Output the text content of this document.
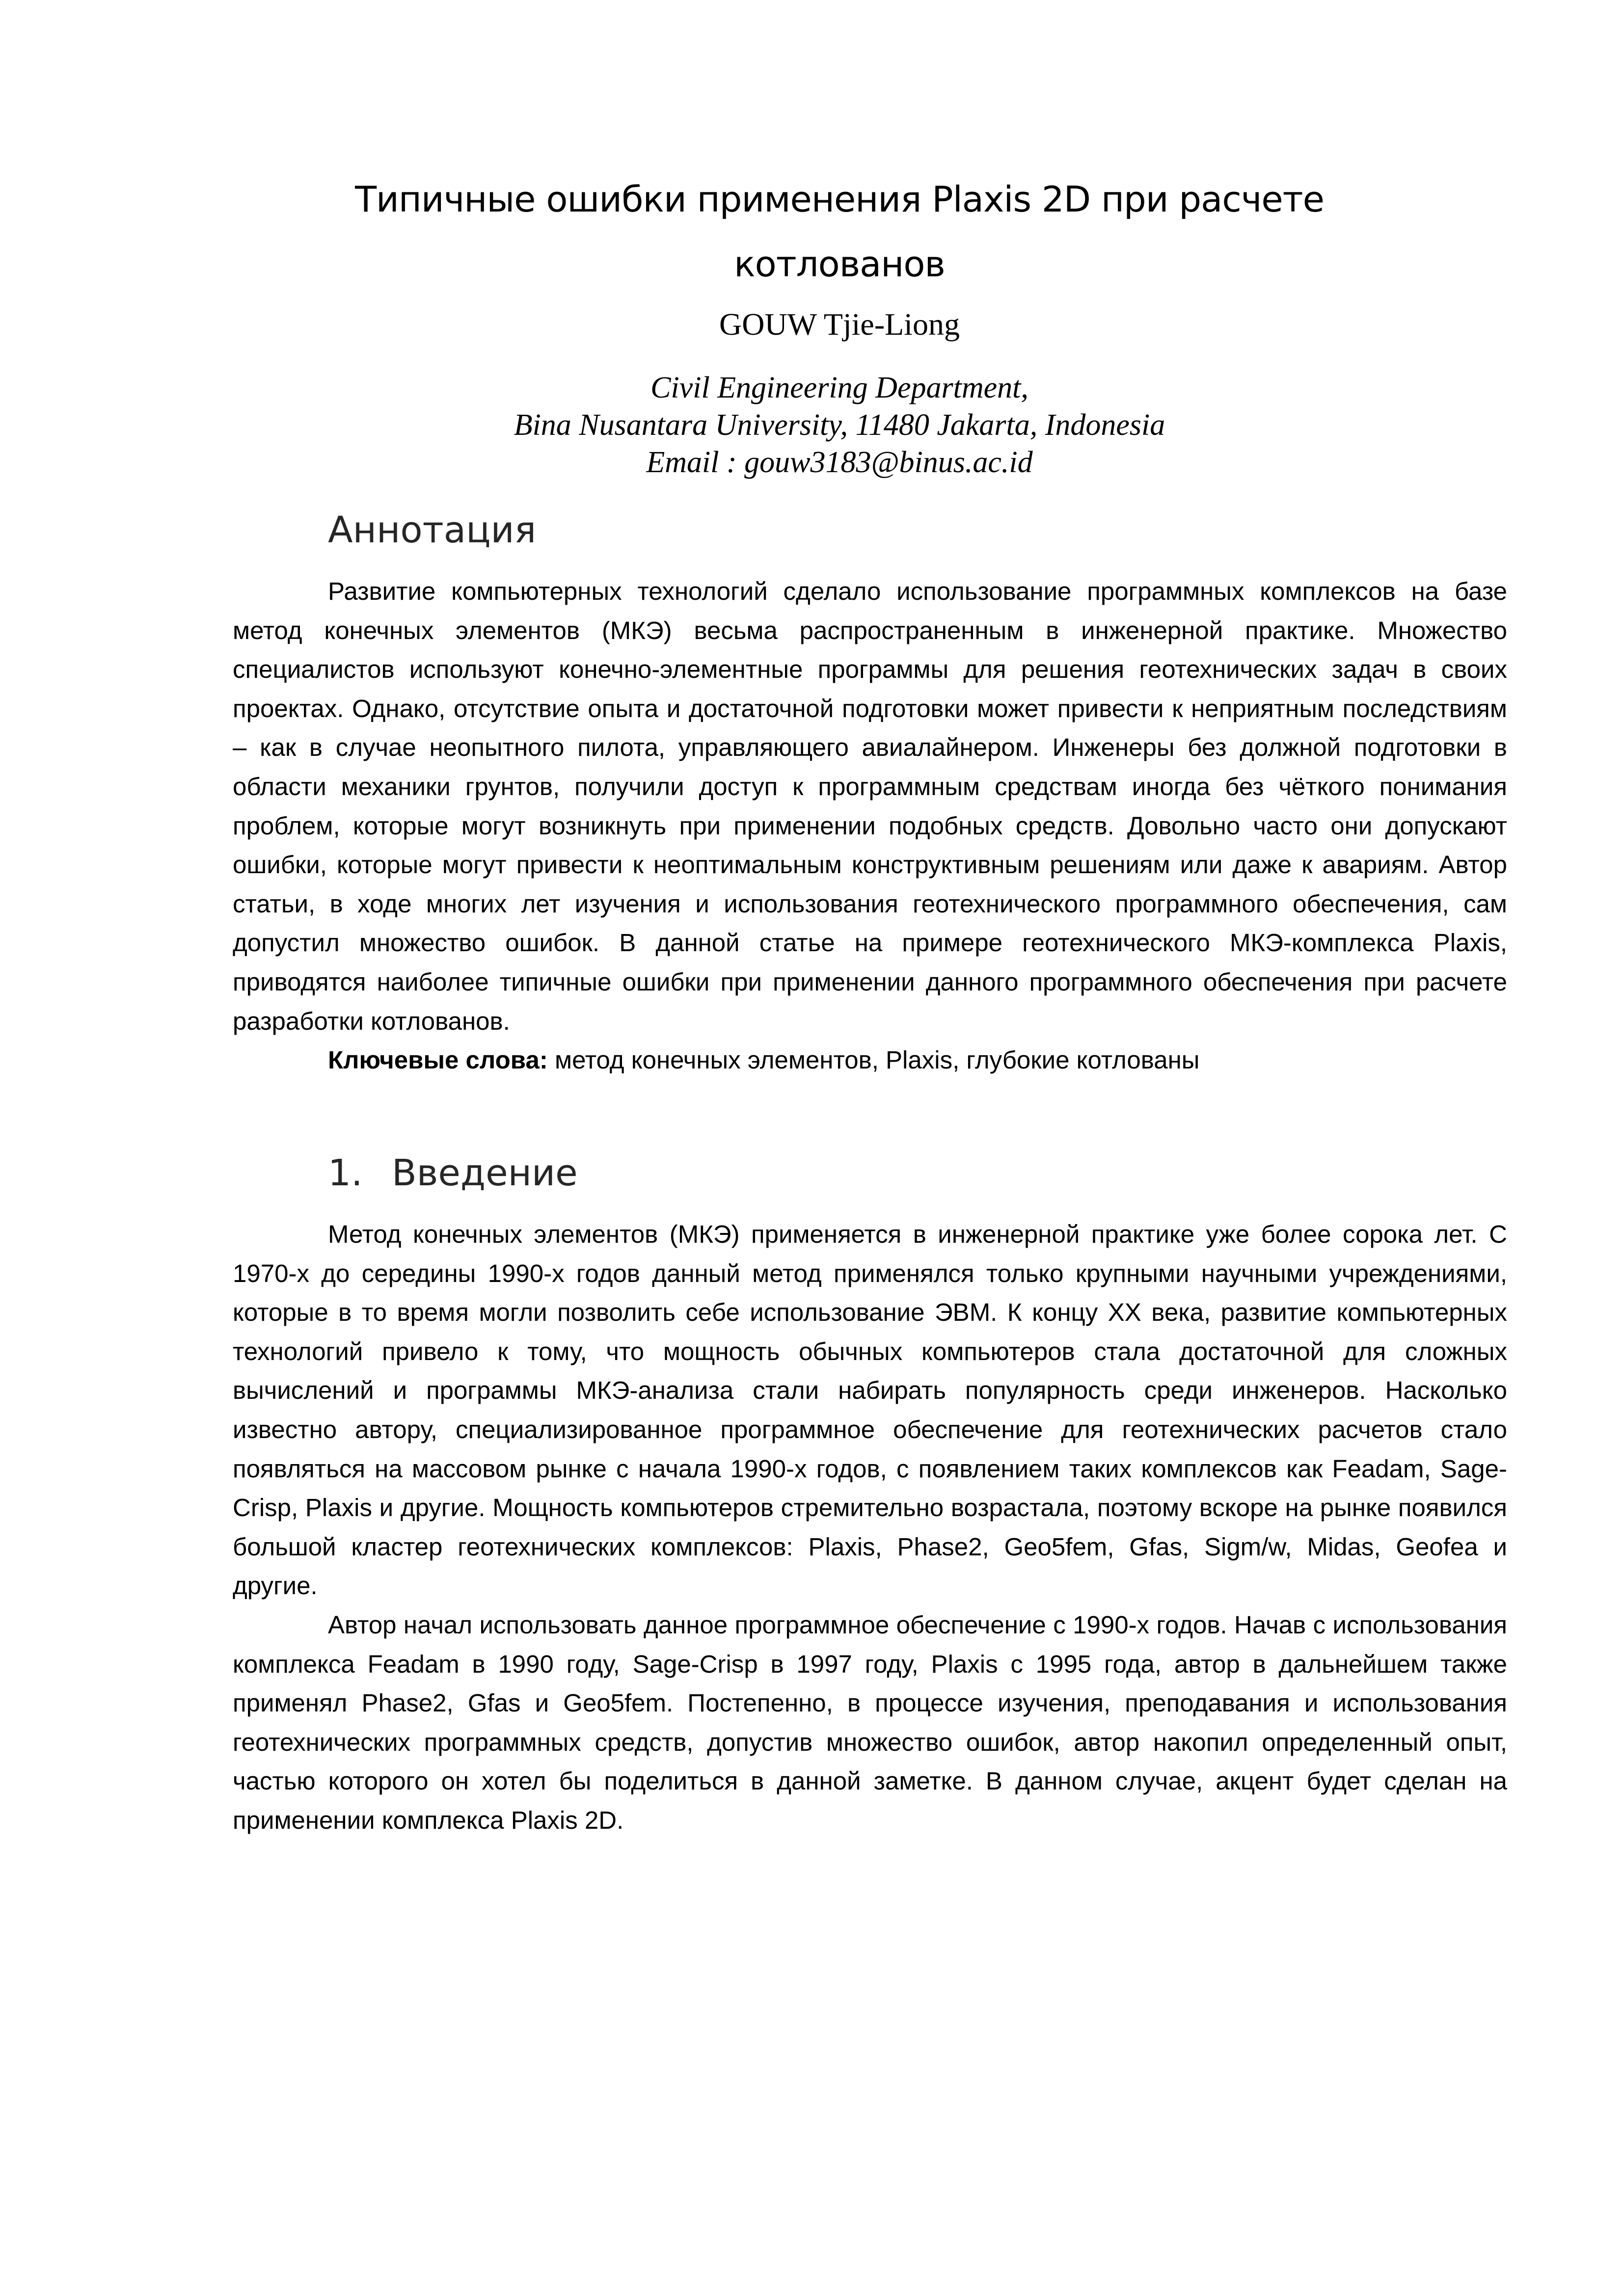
Типичные ошибки применения Plaxis 2D при расчете котлованов

GOUW Tjie-Liong

Civil Engineering Department,
Bina Nusantara University, 11480 Jakarta, Indonesia
Email : gouw3183@binus.ac.id

Аннотация

Развитие компьютерных технологий сделало использование программных комплексов на базе метод конечных элементов (МКЭ) весьма распространенным в инженерной практике. Множество специалистов используют конечно-элементные программы для решения геотехнических задач в своих проектах. Однако, отсутствие опыта и достаточной подготовки может привести к неприятным последствиям – как в случае неопытного пилота, управляющего авиалайнером. Инженеры без должной подготовки в области механики грунтов, получили доступ к программным средствам иногда без чёткого понимания проблем, которые могут возникнуть при применении подобных средств. Довольно часто они допускают ошибки, которые могут привести к неоптимальным конструктивным решениям или даже к авариям. Автор статьи, в ходе многих лет изучения и использования геотехнического программного обеспечения, сам допустил множество ошибок. В данной статье на примере геотехнического МКЭ-комплекса Plaxis, приводятся наиболее типичные ошибки при применении данного программного обеспечения при расчете разработки котлованов.

Ключевые слова: метод конечных элементов, Plaxis, глубокие котлованы

1. Введение

Метод конечных элементов (МКЭ) применяется в инженерной практике уже более сорока лет. С 1970-х до середины 1990-х годов данный метод применялся только крупными научными учреждениями, которые в то время могли позволить себе использование ЭВМ. К концу XX века, развитие компьютерных технологий привело к тому, что мощность обычных компьютеров стала достаточной для сложных вычислений и программы МКЭ-анализа стали набирать популярность среди инженеров. Насколько известно автору, специализированное программное обеспечение для геотехнических расчетов стало появляться на массовом рынке с начала 1990-х годов, с появлением таких комплексов как Feadam, Sage-Crisp, Plaxis и другие. Мощность компьютеров стремительно возрастала, поэтому вскоре на рынке появился большой кластер геотехнических комплексов: Plaxis, Phase2, Geo5fem, Gfas, Sigm/w, Midas, Geofea и другие.

Автор начал использовать данное программное обеспечение с 1990-х годов. Начав с использования комплекса Feadam в 1990 году, Sage-Crisp в 1997 году, Plaxis с 1995 года, автор в дальнейшем также применял Phase2, Gfas и Geo5fem. Постепенно, в процессе изучения, преподавания и использования геотехнических программных средств, допустив множество ошибок, автор накопил определенный опыт, частью которого он хотел бы поделиться в данной заметке. В данном случае, акцент будет сделан на применении комплекса Plaxis 2D.
